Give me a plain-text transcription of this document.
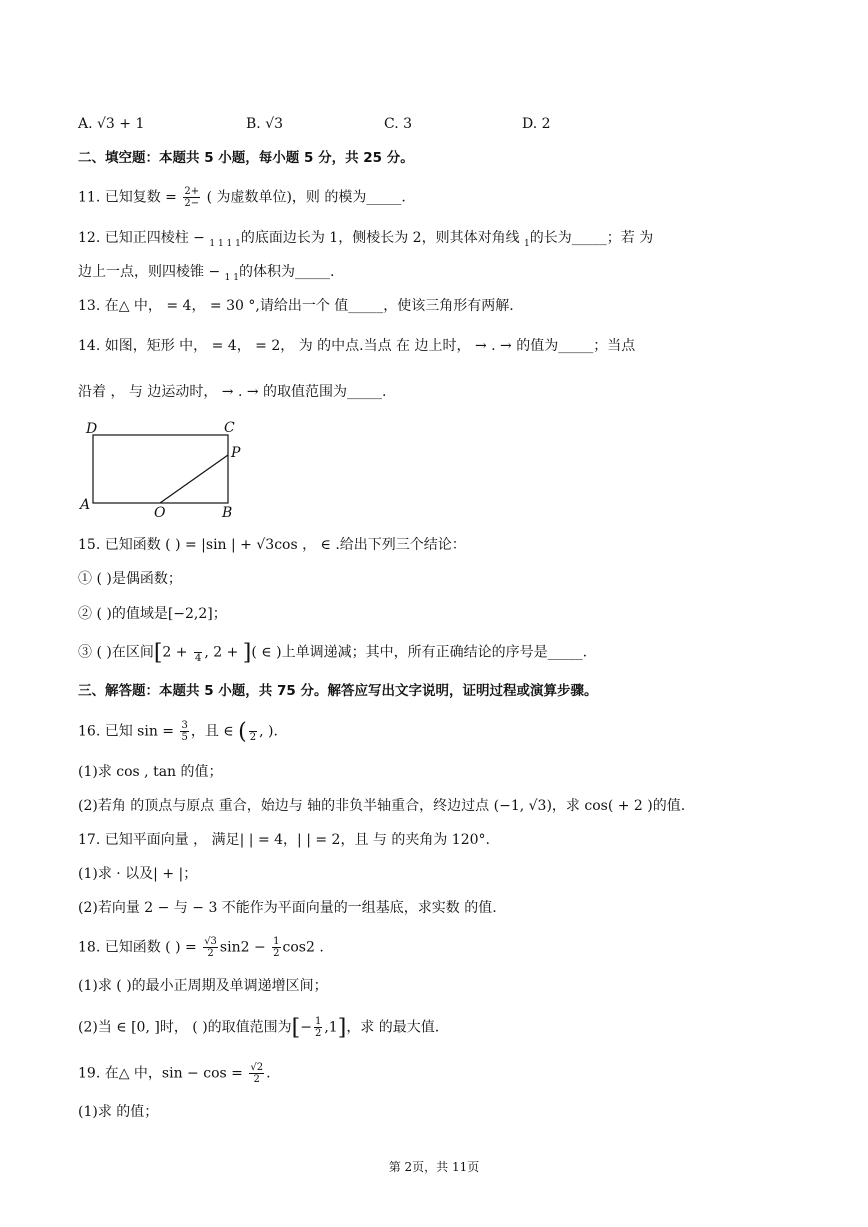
A. √3 + 1	B. √3	C. 3	D. 2
二、填空题：本题共 5 小题，每小题 5 分，共 25 分。
11. 已知复数 = $\frac{2+}{2-}$ ( 为虚数单位)，则 的模为_____.
12. 已知正四棱柱 − $_{1 1 1 1}$的底面边长为 1，侧棱长为 2，则其体对角线 $_1$的长为_____；若 为
边上一点，则四棱锥 − $_{1 1}$的体积为_____.
13. 在△ 中， = 4， = 30 °,请给出一个 值_____，使该三角形有两解.
14. 如图，矩形 中， = 4， = 2， 为 的中点.当点 在 边上时， → . → 的值为_____；当点
沿着 ， 与 边运动时， → . → 的取值范围为_____.
D	C
P
A	O	B
15. 已知函数 ( ) = |sin | + √3cos ， ∈ .给出下列三个结论：
① ( )是偶函数；
② ( )的值域是[−2,2]；
③ ( )在区间[2 + 4 , 2 + ]( ∈ )上单调递减；其中，所有正确结论的序号是_____.
三、解答题：本题共 5 小题，共 75 分。解答应写出文字说明，证明过程或演算步骤。
16. 已知 $\sin = \frac{3}{5}$ ，且 ∈ ( 2 , ).
(1)求 cos , tan 的值；
(2)若角 的顶点与原点 重合，始边与 轴的非负半轴重合，终边过点 (−1, √3)，求 cos( + 2 )的值.
17. 已知平面向量 ， 满足| | = 4，| | = 2，且 与 的夹角为 120°.
(1)求 · 以及| + |；
(2)若向量 2 − 与 − 3 不能作为平面向量的一组基底，求实数 的值.
18. 已知函数 ( ) = $\frac{√3}{2} \sin 2 - \frac{1}{2} \cos 2$ .
(1)求 ( )的最小正周期及单调递增区间；
(2)当 ∈ [0, ]时， ( )的取值范围为[− $\frac{1}{2} ,1$]，求 的最大值.
19. 在△ 中，$\sin - \cos = \frac{√2}{2}$ .
(1)求 的值；
第 2页，共 11页
